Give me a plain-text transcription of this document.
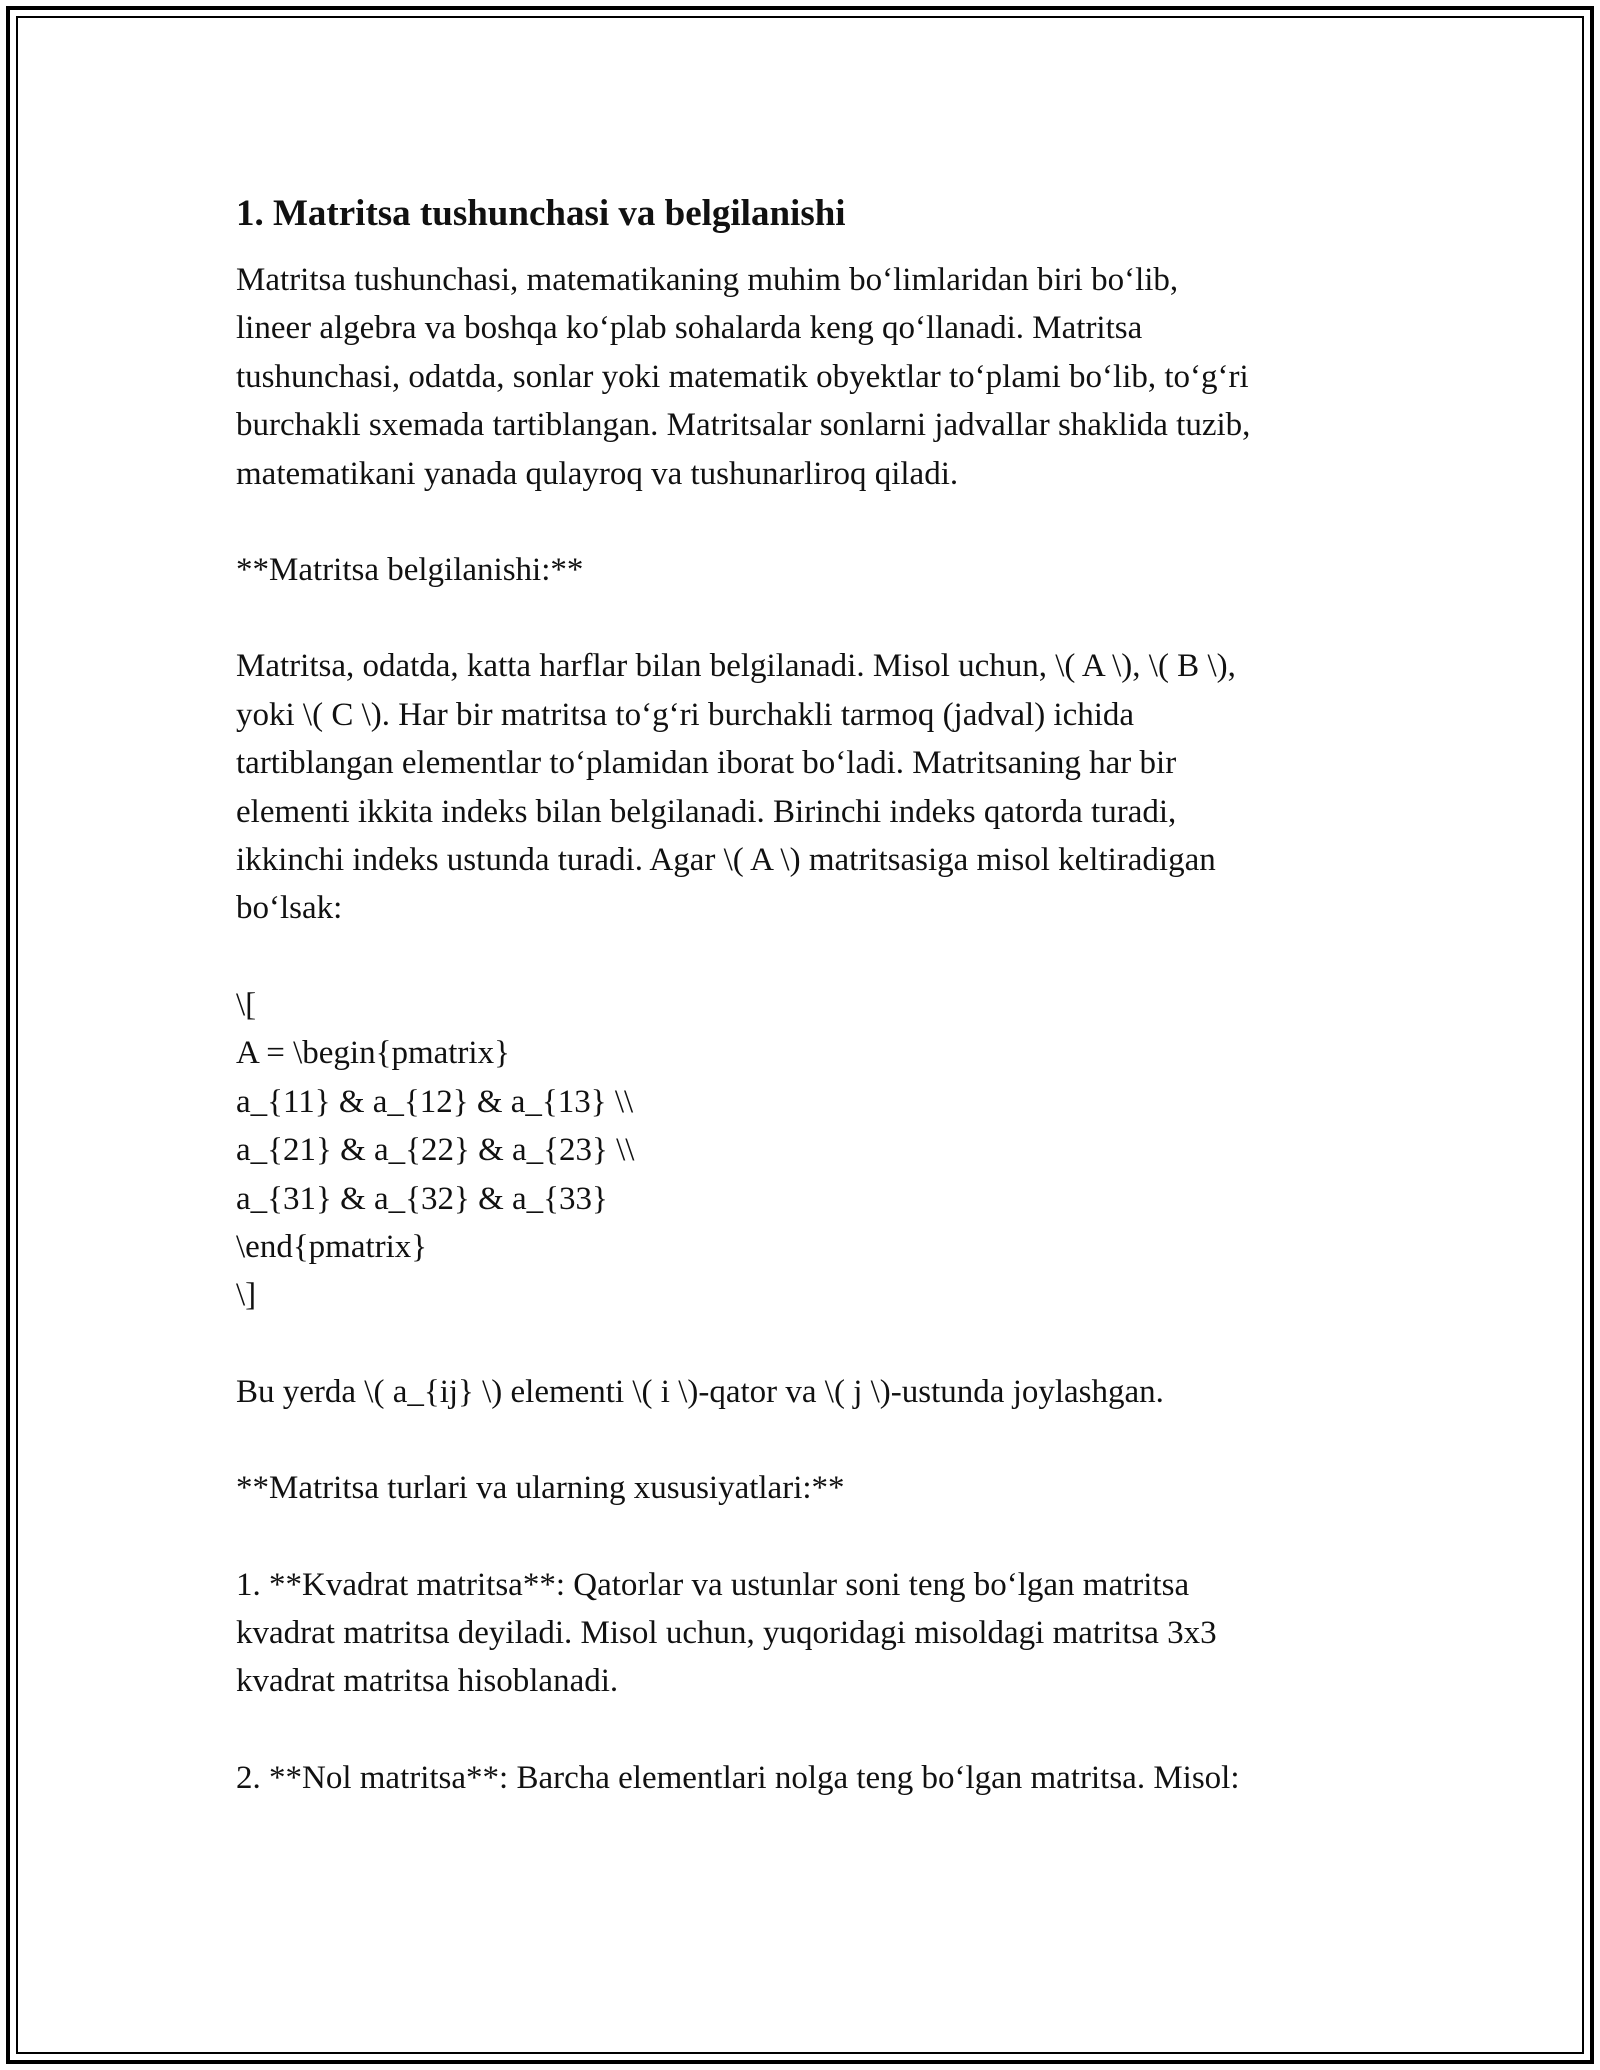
1. Matritsa tushunchasi va belgilanishi
Matritsa tushunchasi, matematikaning muhim bo‘limlaridan biri bo‘lib,
lineer algebra va boshqa ko‘plab sohalarda keng qo‘llanadi. Matritsa
tushunchasi, odatda, sonlar yoki matematik obyektlar to‘plami bo‘lib, to‘g‘ri
burchakli sxemada tartiblangan. Matritsalar sonlarni jadvallar shaklida tuzib,
matematikani yanada qulayroq va tushunarliroq qiladi.
**Matritsa belgilanishi:**
Matritsa, odatda, katta harflar bilan belgilanadi. Misol uchun, \( A \), \( B \),
yoki \( C \). Har bir matritsa to‘g‘ri burchakli tarmoq (jadval) ichida
tartiblangan elementlar to‘plamidan iborat bo‘ladi. Matritsaning har bir
elementi ikkita indeks bilan belgilanadi. Birinchi indeks qatorda turadi,
ikkinchi indeks ustunda turadi. Agar \( A \) matritsasiga misol keltiradigan
bo‘lsak:
\[
A = \begin{pmatrix}
a_{11} & a_{12} & a_{13} \\
a_{21} & a_{22} & a_{23} \\
a_{31} & a_{32} & a_{33}
\end{pmatrix}
\]
Bu yerda \( a_{ij} \) elementi \( i \)-qator va \( j \)-ustunda joylashgan.
**Matritsa turlari va ularning xususiyatlari:**
1. **Kvadrat matritsa**: Qatorlar va ustunlar soni teng bo‘lgan matritsa
kvadrat matritsa deyiladi. Misol uchun, yuqoridagi misoldagi matritsa 3x3
kvadrat matritsa hisoblanadi.
2. **Nol matritsa**: Barcha elementlari nolga teng bo‘lgan matritsa. Misol:
